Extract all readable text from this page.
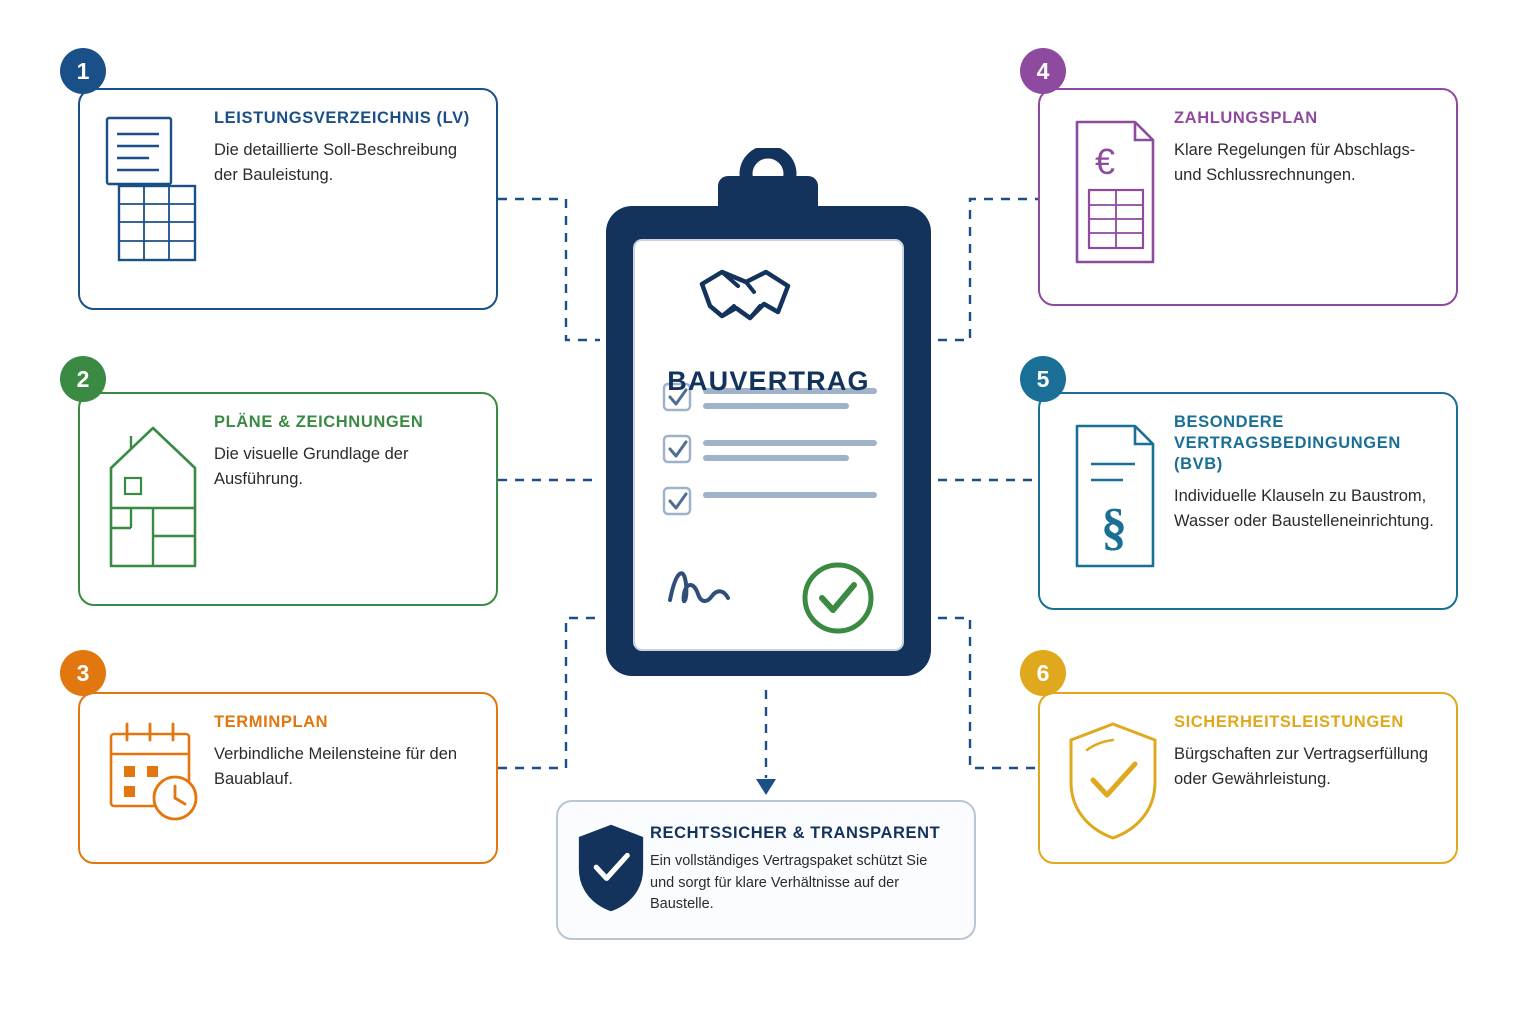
1

LEISTUNGSVERZEICHNIS (LV)

Die detaillierte Soll-Beschreibung der Bauleistung.

2

PLÄNE & ZEICHNUNGEN

Die visuelle Grundlage der Ausführung.

3

TERMINPLAN

Verbindliche Meilensteine für den Bauablauf.

4
€

ZAHLUNGSPLAN

Klare Regelungen für Abschlags- und Schlussrechnungen.

5
§

BESONDERE VERTRAGSBEDINGUNGEN (BVB)

Individuelle Klauseln zu Baustrom, Wasser oder Baustelleneinrichtung.

6

SICHERHEITSLEISTUNGEN

Bürgschaften zur Vertragserfüllung oder Gewährleistung.

BAUVERTRAG

RECHTSSICHER & TRANSPARENT

Ein vollständiges Vertragspaket schützt Sie und sorgt für klare Verhältnisse auf der Baustelle.
